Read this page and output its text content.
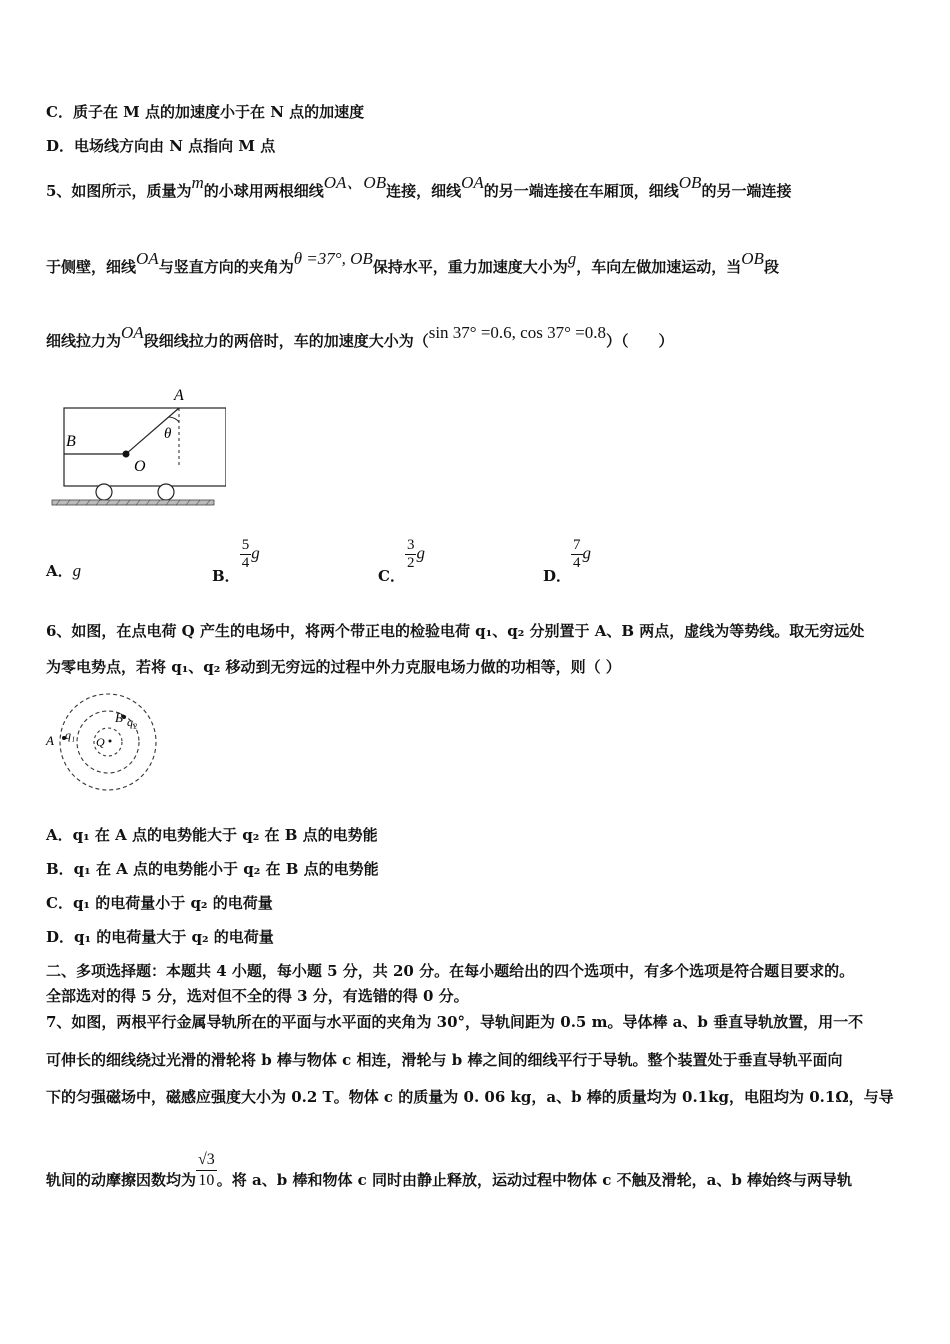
C．质子在 M 点的加速度小于在 N 点的加速度
D．电场线方向由 N 点指向 M 点
5、如图所示，质量为m的小球用两根细线OA、OB连接，细线OA的另一端连接在车厢顶，细线OB的另一端连接
于侧壁，细线OA与竖直方向的夹角为θ =37°, OB保持水平，重力加速度大小为g，车向左做加速运动，当OB段
细线拉力为OA段细线拉力的两倍时，车的加速度大小为（sin 37° =0.6, cos 37° =0.8）（　　）
A
B
O
θ
A．g	B．
$\frac{5}{4}$ g
C．
$\frac{3}{2}$ g
D．
$\frac{7}{4}$ g
6、如图，在点电荷 Q 产生的电场中，将两个带正电的检验电荷 q₁、q₂ 分别置于 A、B 两点，虚线为等势线。取无穷远处
为零电势点，若将 q₁、q₂ 移动到无穷远的过程中外力克服电场力做的功相等，则（ ）
A q₁
B q₂
Q
A．q₁ 在 A 点的电势能大于 q₂ 在 B 点的电势能
B．q₁ 在 A 点的电势能小于 q₂ 在 B 点的电势能
C．q₁ 的电荷量小于 q₂ 的电荷量
D．q₁ 的电荷量大于 q₂ 的电荷量
二、多项选择题：本题共 4 小题，每小题 5 分，共 20 分。在每小题给出的四个选项中，有多个选项是符合题目要求的。
全部选对的得 5 分，选对但不全的得 3 分，有选错的得 0 分。
7、如图，两根平行金属导轨所在的平面与水平面的夹角为 30°，导轨间距为 0.5 m。导体棒 a、b 垂直导轨放置，用一不
可伸长的细线绕过光滑的滑轮将 b 棒与物体 c 相连，滑轮与 b 棒之间的细线平行于导轨。整个装置处于垂直导轨平面向
下的匀强磁场中，磁感应强度大小为 0.2 T。物体 c 的质量为 0. 06 kg，a、b 棒的质量均为 0.1kg，电阻均为 0.1Ω，与导
轨间的动摩擦因数均为 $\frac{√3}{10}$ 。将 a、b 棒和物体 c 同时由静止释放，运动过程中物体 c 不触及滑轮，a、b 棒始终与两导轨
